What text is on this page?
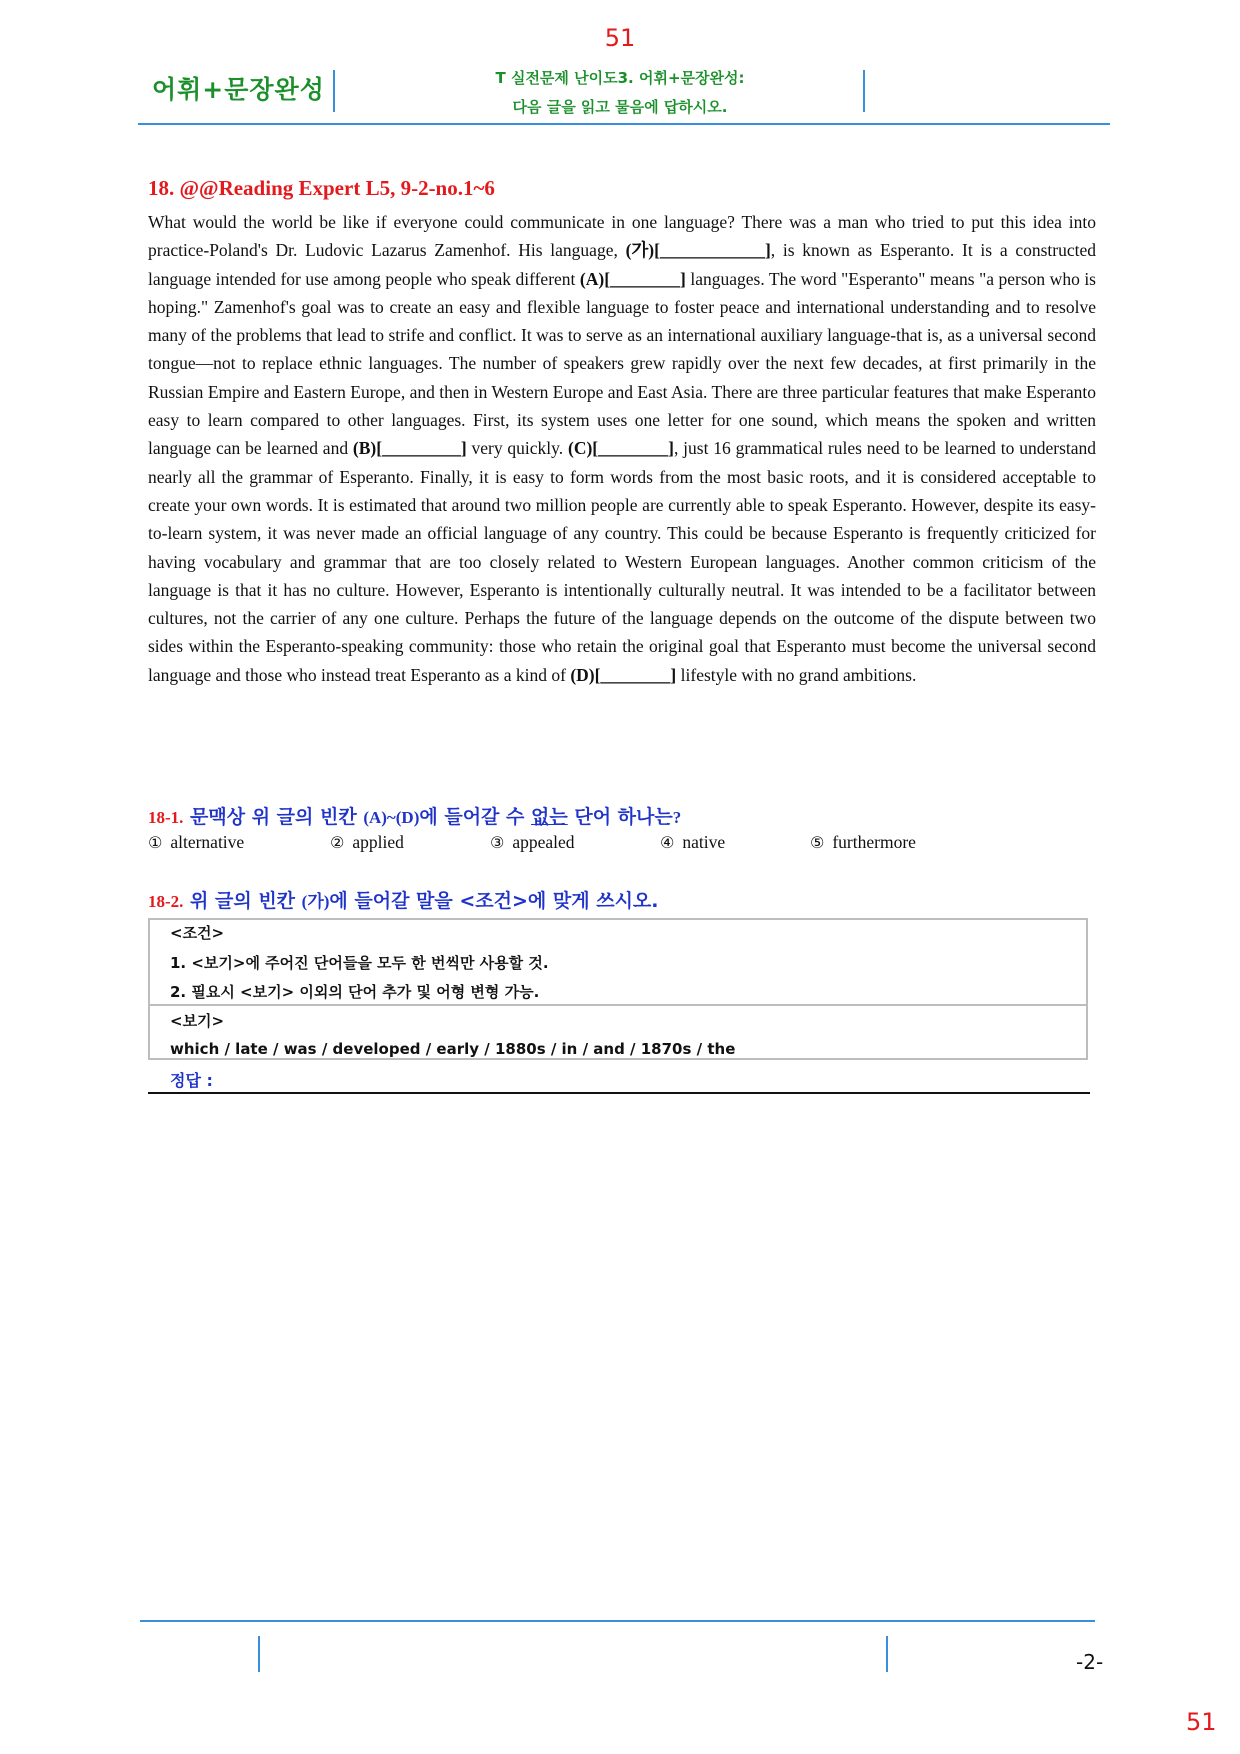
51
어휘+문장완성	T 실전문제 난이도3. 어휘+문장완성:
다음 글을 읽고 물음에 답하시오.
18. @@Reading Expert L5, 9-2-no.1~6
What would the world be like if everyone could communicate in one language? There was a man who tried to put this idea into practice-Poland's Dr. Ludovic Lazarus Zamenhof. His language, (가)[____________], is known as Esperanto. It is a constructed language intended for use among people who speak different (A)[________] languages. The word "Esperanto" means "a person who is hoping." Zamenhof's goal was to create an easy and flexible language to foster peace and international understanding and to resolve many of the problems that lead to strife and conflict. It was to serve as an international auxiliary language-that is, as a universal second tongue—not to replace ethnic languages. The number of speakers grew rapidly over the next few decades, at first primarily in the Russian Empire and Eastern Europe, and then in Western Europe and East Asia. There are three particular features that make Esperanto easy to learn compared to other languages. First, its system uses one letter for one sound, which means the spoken and written language can be learned and (B)[_________] very quickly. (C)[________], just 16 grammatical rules need to be learned to understand nearly all the grammar of Esperanto. Finally, it is easy to form words from the most basic roots, and it is considered acceptable to create your own words. It is estimated that around two million people are currently able to speak Esperanto. However, despite its easy-to-learn system, it was never made an official language of any country. This could be because Esperanto is frequently criticized for having vocabulary and grammar that are too closely related to Western European languages. Another common criticism of the language is that it has no culture. However, Esperanto is intentionally culturally neutral. It was intended to be a facilitator between cultures, not the carrier of any one culture. Perhaps the future of the language depends on the outcome of the dispute between two sides within the Esperanto-speaking community: those who retain the original goal that Esperanto must become the universal second language and those who instead treat Esperanto as a kind of (D)[________] lifestyle with no grand ambitions.
18-1. 문맥상 위 글의 빈칸 (A)~(D)에 들어갈 수 없는 단어 하나는?
① alternative	② applied	③ appealed	④ native	⑤ furthermore
18-2. 위 글의 빈칸 (가)에 들어갈 말을 <조건>에 맞게 쓰시오.
<조건>
1. <보기>에 주어진 단어들을 모두 한 번씩만 사용할 것.
2. 필요시 <보기> 이외의 단어 추가 및 어형 변형 가능.
<보기>
which / late / was / developed / early / 1880s / in / and / 1870s / the
정답 :
-2-
51
